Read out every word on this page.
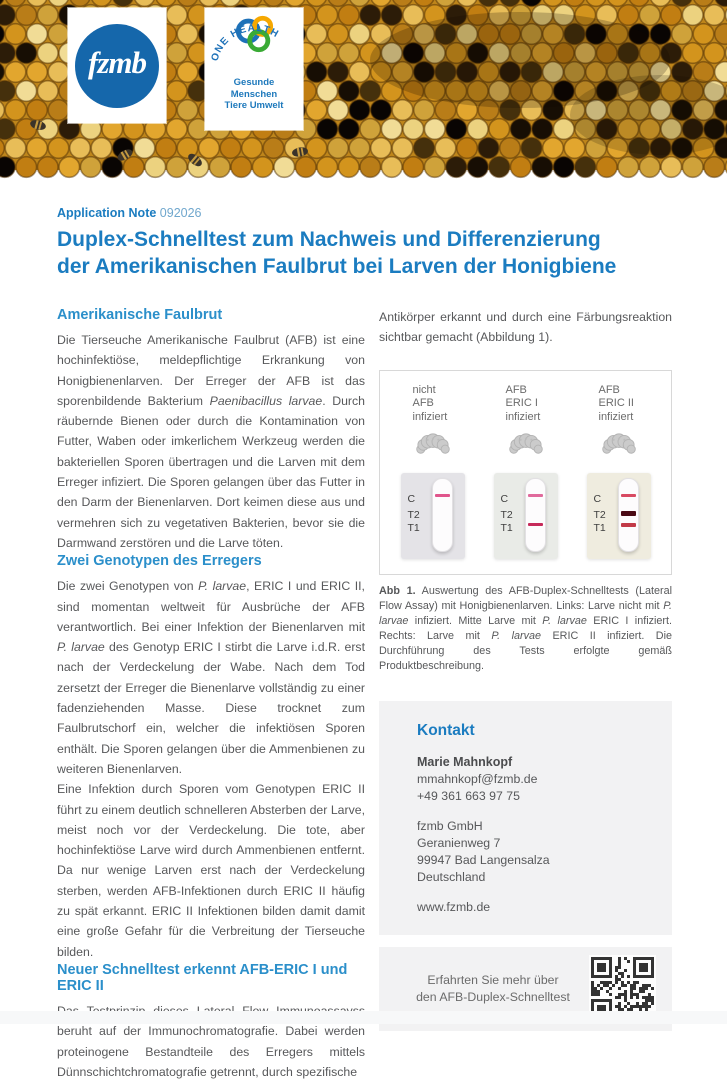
fzmb	ONE HEALTH
Gesunde
Menschen
Tiere Umwelt
Application Note 092026
Duplex-Schnelltest zum Nachweis und Differenzierung
der Amerikanischen Faulbrut bei Larven der Honigbiene
Amerikanische Faulbrut

Die Tierseuche Amerikanische Faulbrut (AFB) ist eine hochinfektiöse, meldepflichtige Erkrankung von Honigbienenlarven. Der Erreger der AFB ist das sporenbildende Bakterium Paenibacillus larvae. Durch räubernde Bienen oder durch die Kontamination von Futter, Waben oder imkerlichem Werkzeug werden die bakteriellen Sporen übertragen und die Larven mit dem Erreger infiziert. Die Sporen gelangen über das Futter in den Darm der Bienenlarven. Dort keimen diese aus und vermehren sich zu vegetativen Bakterien, bevor sie die Darmwand zerstören und die Larve töten.

Zwei Genotypen des Erregers

Die zwei Genotypen von P. larvae, ERIC I und ERIC II, sind momentan weltweit für Ausbrüche der AFB verantwortlich. Bei einer Infektion der Bienenlarven mit P. larvae des Genotyp ERIC I stirbt die Larve i.d.R. erst nach der Verdeckelung der Wabe. Nach dem Tod zersetzt der Erreger die Bienenlarve vollständig zu einer fadenziehenden Masse. Diese trocknet zum Faulbrutschorf ein, welcher die infektiösen Sporen enthält. Die Sporen gelangen über die Ammenbienen zu weiteren Bienenlarven.

Eine Infektion durch Sporen vom Genotypen ERIC II führt zu einem deutlich schnelleren Absterben der Larve, meist noch vor der Verdeckelung. Die tote, aber hochinfektiöse Larve wird durch Ammenbienen entfernt. Da nur wenige Larven erst nach der Verdeckelung sterben, werden AFB-Infektionen durch ERIC II häufig zu spät erkannt. ERIC II Infektionen bilden damit damit eine große Gefahr für die Verbreitung der Tierseuche bilden.

Neuer Schnelltest erkennt AFB-ERIC I und ERIC II

beruht auf der Immunochromatografie. Dabei werden proteinogene Bestandteile des Erregers mittels Dünnschichtchromatografie getrennt, durch spezifische

Antikörper erkannt und durch eine Färbungsreaktion sichtbar gemacht (Abbildung 1).

nicht
AFB
infiziert
C
T2
T1
AFB
ERIC I
infiziert
C
T2
T1
AFB
ERIC II
infiziert
C
T2
T1

Abb 1. Auswertung des AFB-Duplex-Schnelltests (Lateral Flow Assay) mit Honigbienenlarven. Links: Larve nicht mit P. larvae infiziert. Mitte Larve mit P. larvae ERIC I infiziert. Rechts: Larve mit P. larvae ERIC II infiziert. Die Durchführung des Tests erfolgte gemäß Produktbeschreibung.

Kontakt
Marie Mahnkopf
mmahnkopf@fzmb.de
+49 361 663 97 75
fzmb GmbH
Geranienweg 7
99947 Bad Langensalza
Deutschland
www.fzmb.de
Erfahrten Sie mehr über
den AFB-Duplex-Schnelltest
